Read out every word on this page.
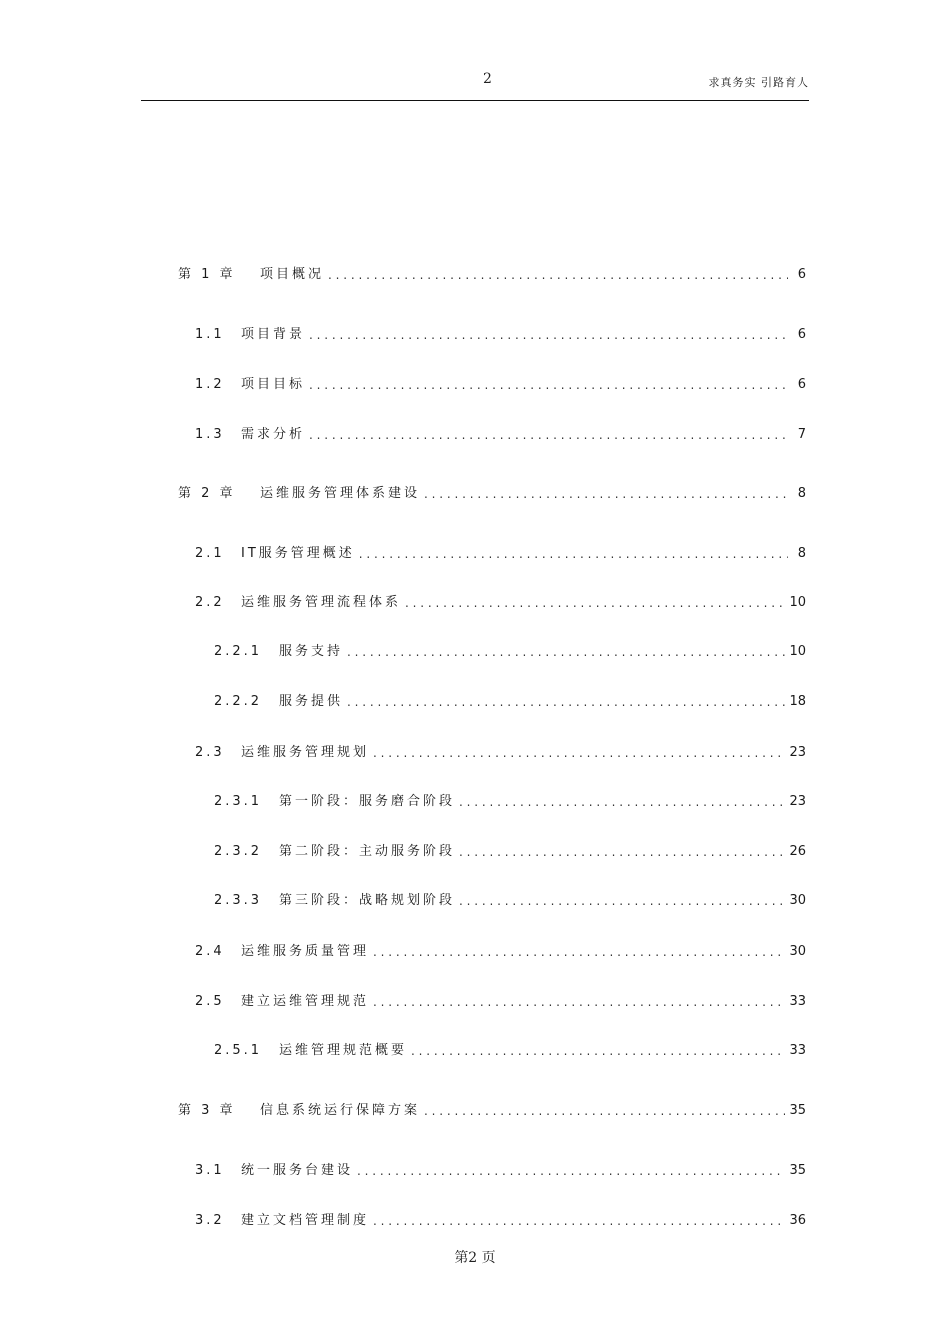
2	求真务实 引路育人
第 1 章	项目概况 . . .	6
1.1	项目背景 . . .	6
1.2	项目目标 . . .	6
1.3	需求分析 . . .	7
第 2 章	运维服务管理体系建设 . . .	8
2.1	IT服务管理概述 . . .	8
2.2	运维服务管理流程体系 . . .	10
2.2.1	服务支持 . . .	10
2.2.2	服务提供 . . .	18
2.3	运维服务管理规划 . . .	23
2.3.1	第一阶段：服务磨合阶段 . . .	23
2.3.2	第二阶段：主动服务阶段 . . .	26
2.3.3	第三阶段：战略规划阶段 . . .	30
2.4	运维服务质量管理 . . .	30
2.5	建立运维管理规范 . . .	33
2.5.1	运维管理规范概要 . . .	33
第 3 章	信息系统运行保障方案 . . .	35
3.1	统一服务台建设 . . .	35
3.2	建立文档管理制度 . . .	36
第2 页
